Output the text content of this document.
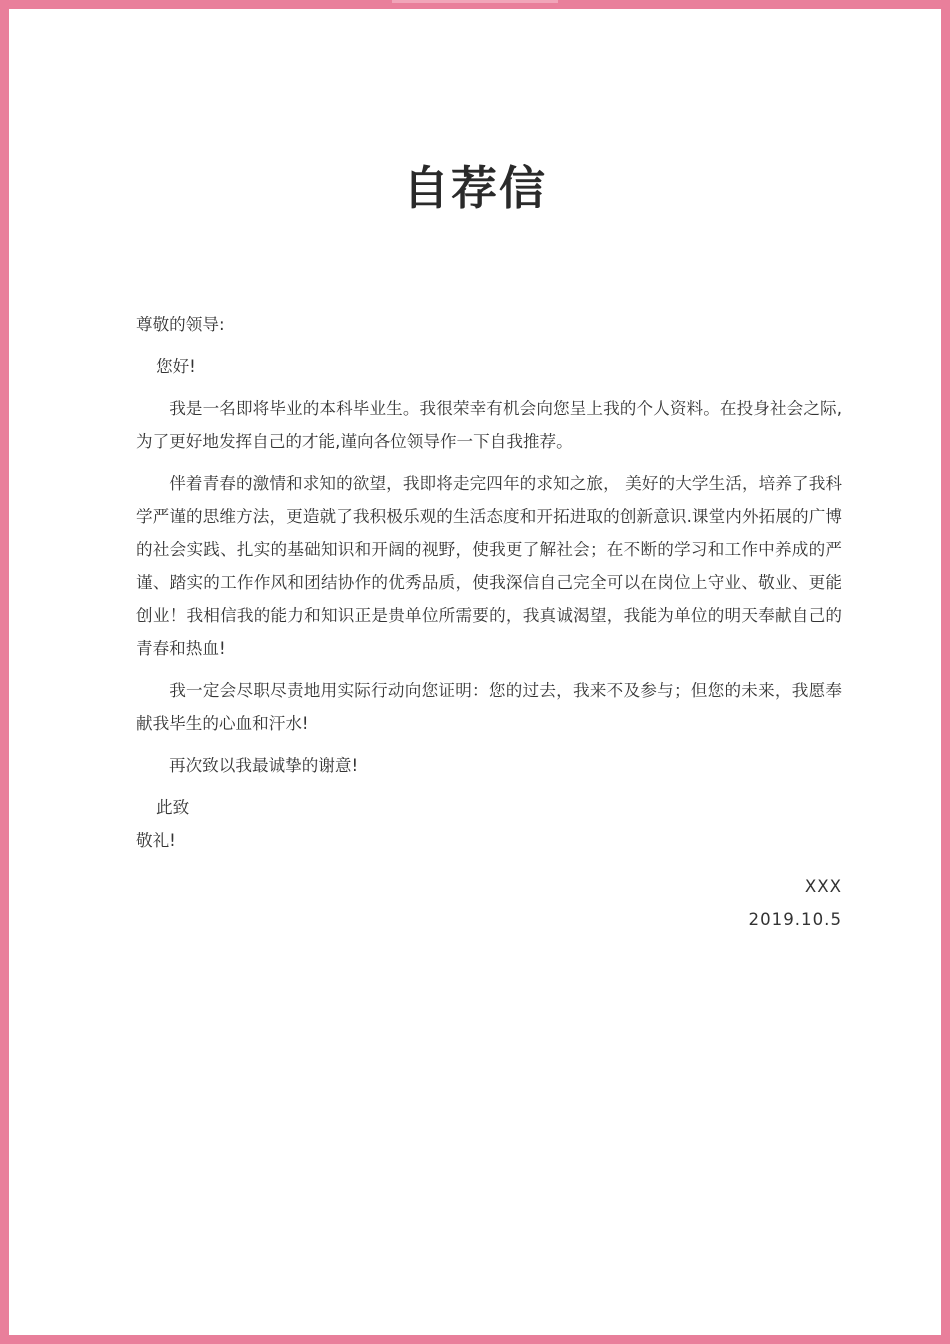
自荐信

尊敬的领导:

您好!

我是一名即将毕业的本科毕业生。我很荣幸有机会向您呈上我的个人资料。在投身社会之际,为了更好地发挥自己的才能,谨向各位领导作一下自我推荐。

伴着青春的激情和求知的欲望，我即将走完四年的求知之旅， 美好的大学生活，培养了我科学严谨的思维方法，更造就了我积极乐观的生活态度和开拓进取的创新意识.课堂内外拓展的广博的社会实践、扎实的基础知识和开阔的视野，使我更了解社会；在不断的学习和工作中养成的严谨、踏实的工作作风和团结协作的优秀品质，使我深信自己完全可以在岗位上守业、敬业、更能创业！我相信我的能力和知识正是贵单位所需要的，我真诚渴望，我能为单位的明天奉献自己的青春和热血!

我一定会尽职尽责地用实际行动向您证明：您的过去，我来不及参与；但您的未来，我愿奉献我毕生的心血和汗水!

再次致以我最诚挚的谢意!

此致

敬礼!

XXX
2019.10.5
